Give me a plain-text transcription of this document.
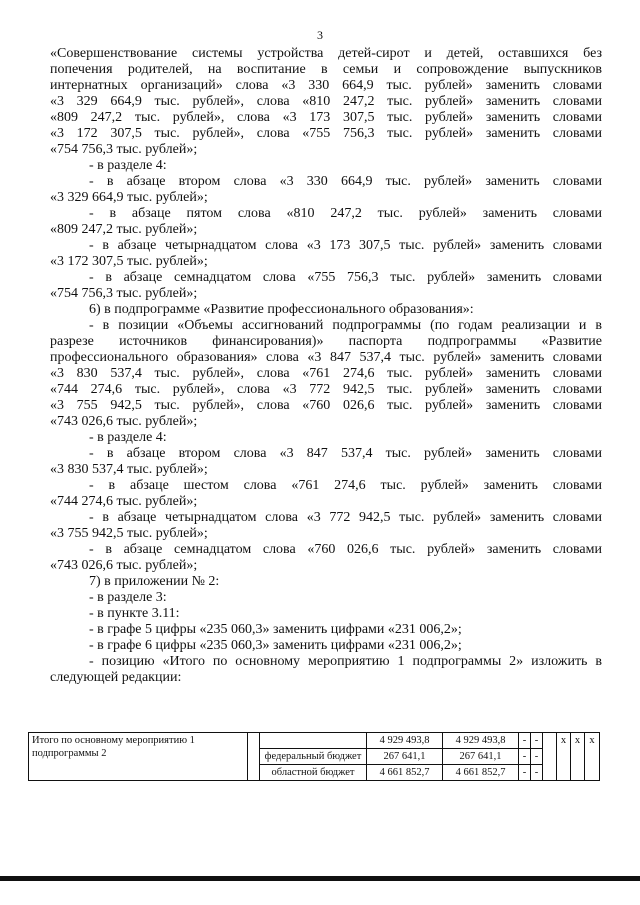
3

«Совершенствование системы устройства детей-сирот и детей, оставшихся без

попечения родителей, на воспитание в семьи и сопровождение выпускников

интернатных организаций» слова «3 330 664,9 тыс. рублей» заменить словами

«3 329 664,9 тыс. рублей», слова «810 247,2 тыс. рублей» заменить словами

«809 247,2 тыс. рублей», слова «3 173 307,5 тыс. рублей» заменить словами

«3 172 307,5 тыс. рублей», слова «755 756,3 тыс. рублей» заменить словами

«754 756,3 тыс. рублей»;

- в разделе 4:

- в абзаце втором слова «3 330 664,9 тыс. рублей» заменить словами

«3 329 664,9 тыс. рублей»;

- в абзаце пятом слова «810 247,2 тыс. рублей» заменить словами

«809 247,2 тыс. рублей»;

- в абзаце четырнадцатом слова «3 173 307,5 тыс. рублей» заменить словами

«3 172 307,5 тыс. рублей»;

- в абзаце семнадцатом слова «755 756,3 тыс. рублей» заменить словами

«754 756,3 тыс. рублей»;

6) в подпрограмме «Развитие профессионального образования»:

- в позиции «Объемы ассигнований подпрограммы (по годам реализации и в

разрезе источников финансирования)» паспорта подпрограммы «Развитие

профессионального образования» слова «3 847 537,4 тыс. рублей» заменить словами

«3 830 537,4 тыс. рублей», слова «761 274,6 тыс. рублей» заменить словами

«744 274,6 тыс. рублей», слова «3 772 942,5 тыс. рублей» заменить словами

«3 755 942,5 тыс. рублей», слова «760 026,6 тыс. рублей» заменить словами

«743 026,6 тыс. рублей»;

- в разделе 4:

- в абзаце втором слова «3 847 537,4 тыс. рублей» заменить словами

«3 830 537,4 тыс. рублей»;

- в абзаце шестом слова «761 274,6 тыс. рублей» заменить словами

«744 274,6 тыс. рублей»;

- в абзаце четырнадцатом слова «3 772 942,5 тыс. рублей» заменить словами

«3 755 942,5 тыс. рублей»;

- в абзаце семнадцатом слова «760 026,6 тыс. рублей» заменить словами

«743 026,6 тыс. рублей»;

7) в приложении № 2:

- в разделе 3:

- в пункте 3.11:

- в графе 5 цифры «235 060,3» заменить цифрами «231 006,2»;

- в графе 6 цифры «235 060,3» заменить цифрами «231 006,2»;

- позицию «Итого по основному мероприятию 1 подпрограммы 2» изложить в

следующей редакции:

Итого по основному мероприятию 1 подпрограммы 2			4 929 493,8	4 929 493,8	-	-		x	x	x
		федеральный бюджет	267 641,1	267 641,1	-	-				
		областной бюджет	4 661 852,7	4 661 852,7	-	-				
